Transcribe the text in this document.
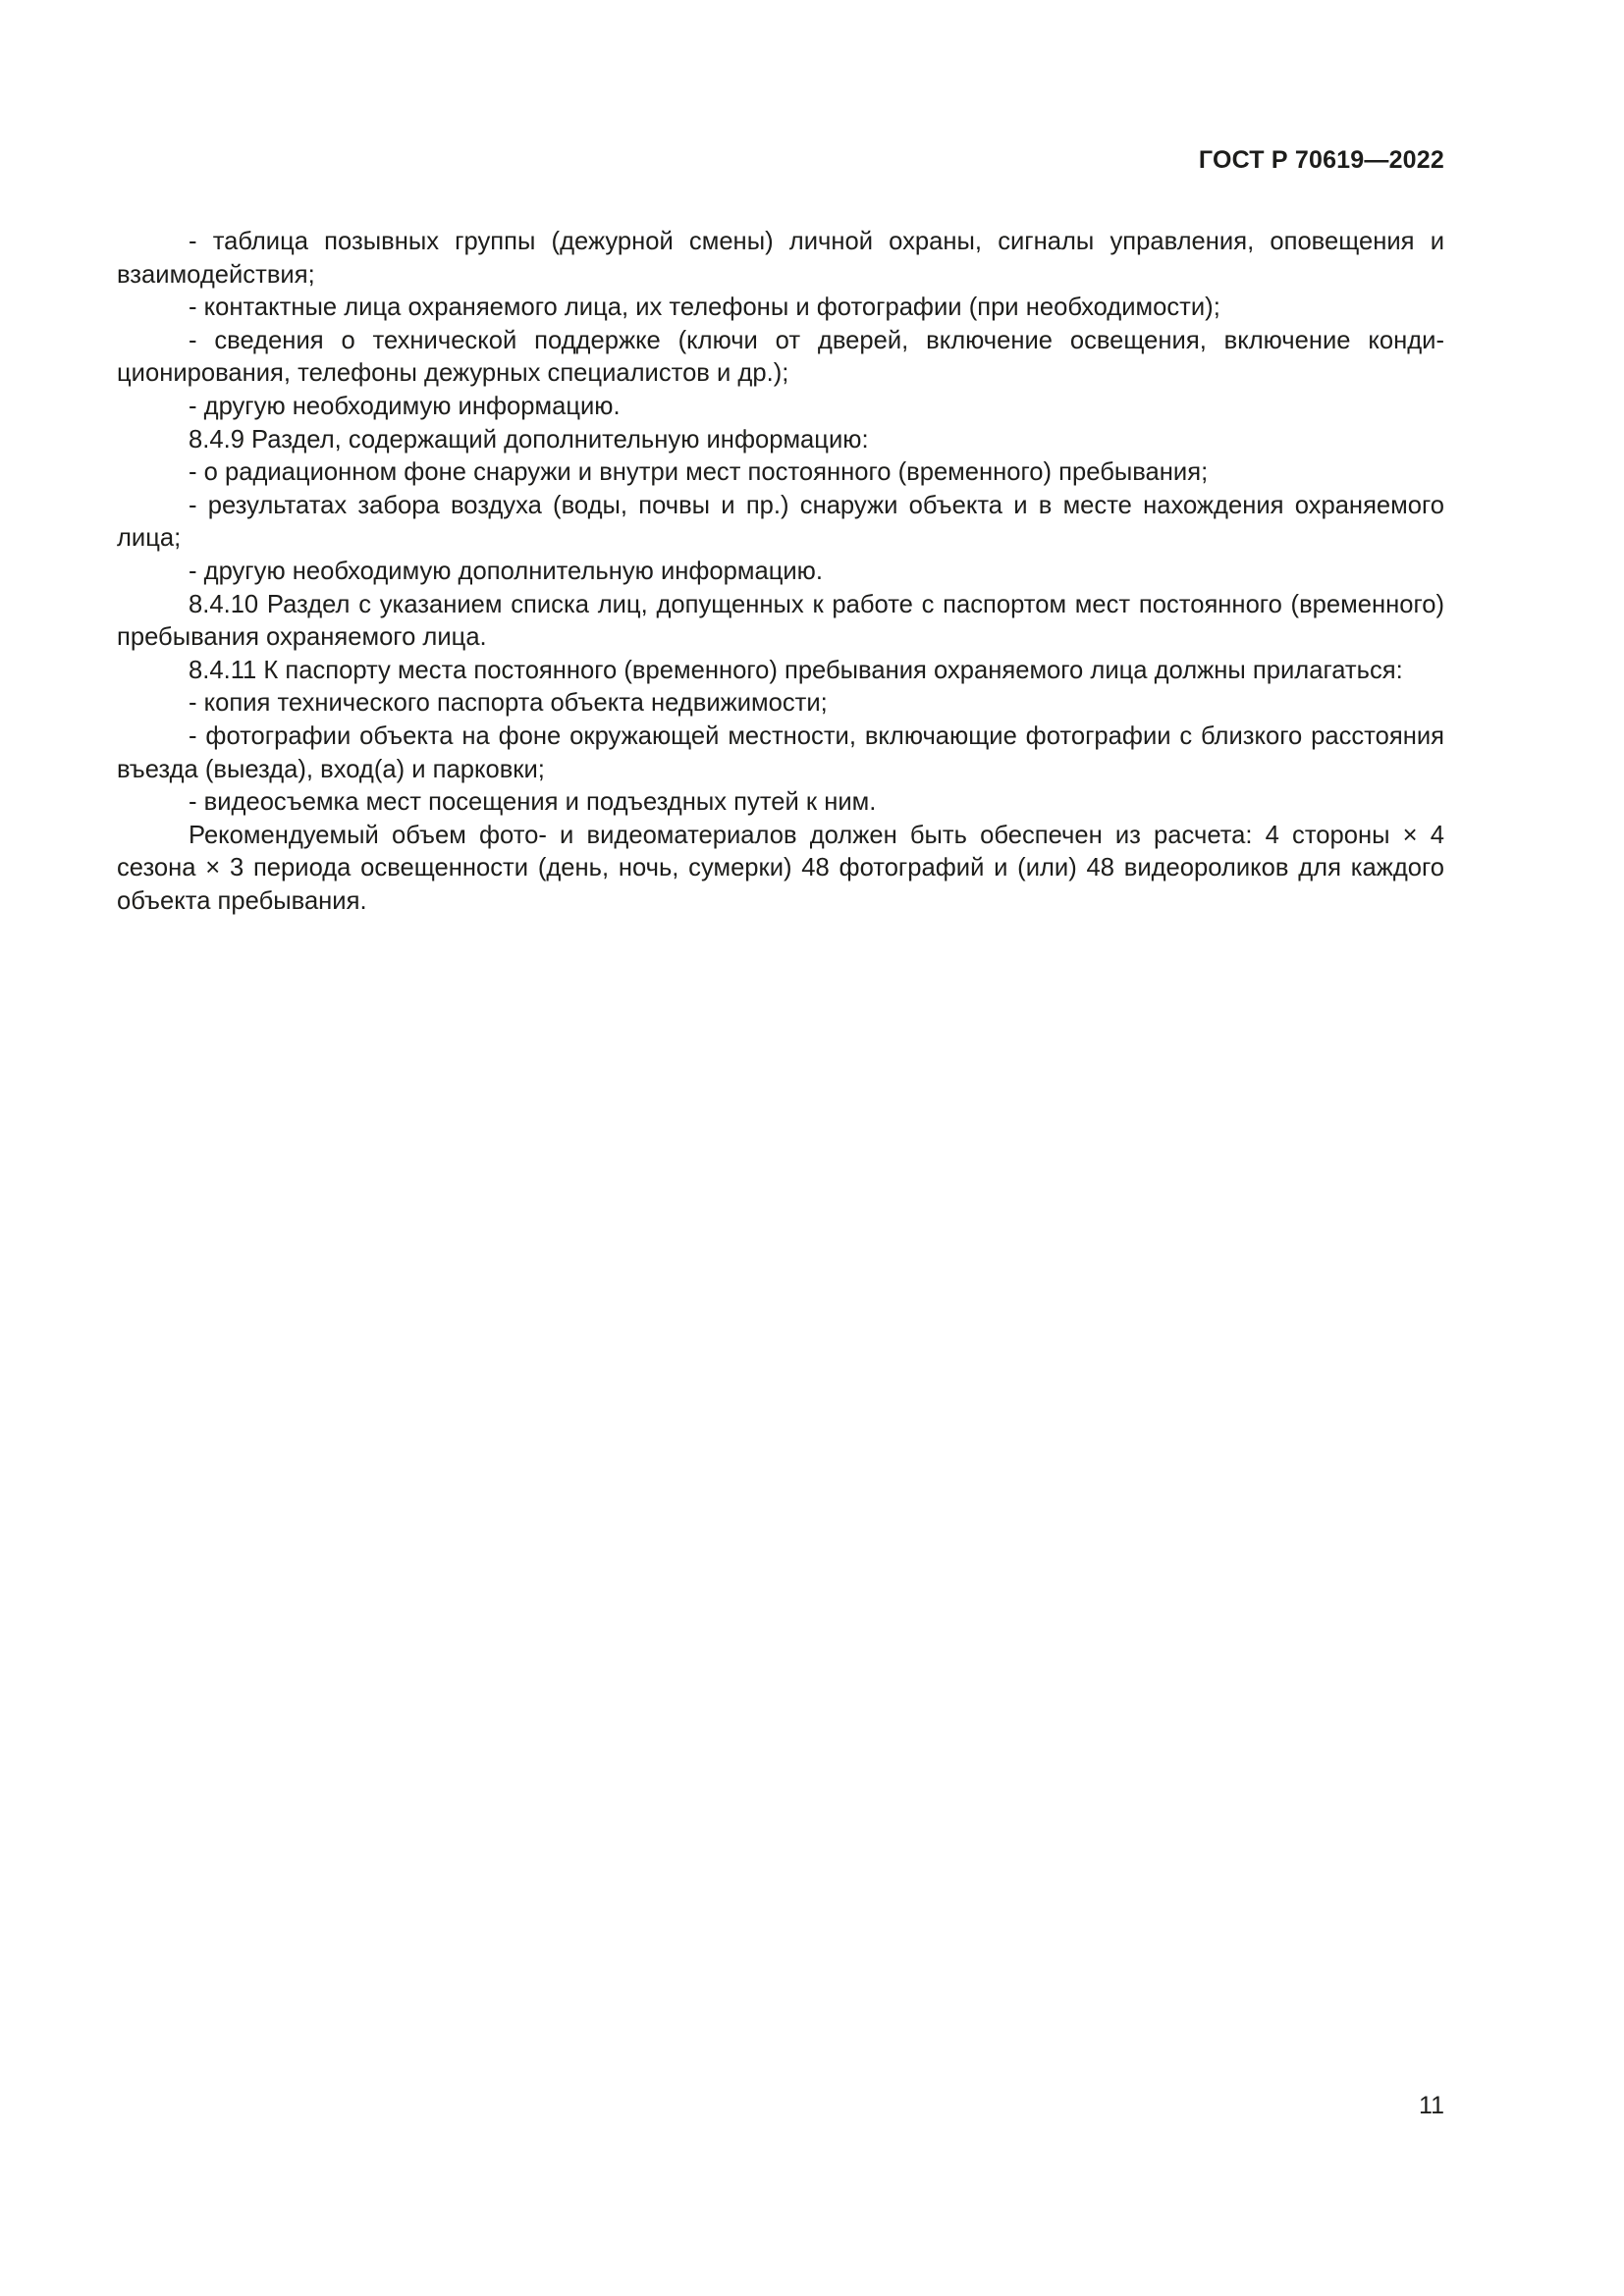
ГОСТ Р 70619—2022

- таблица позывных группы (дежурной смены) личной охраны, сигналы управления, оповещения и взаимодействия;

- контактные лица охраняемого лица, их телефоны и фотографии (при необходимости);

- сведения о технической поддержке (ключи от дверей, включение освещения, включение кондиционирования, телефоны дежурных специалистов и др.);

- другую необходимую информацию.

8.4.9 Раздел, содержащий дополнительную информацию:

- о радиационном фоне снаружи и внутри мест постоянного (временного) пребывания;

- результатах забора воздуха (воды, почвы и пр.) снаружи объекта и в месте нахождения охраняемого лица;

- другую необходимую дополнительную информацию.

8.4.10 Раздел с указанием списка лиц, допущенных к работе с паспортом мест постоянного (временного) пребывания охраняемого лица.

8.4.11 К паспорту места постоянного (временного) пребывания охраняемого лица должны прилагаться:

- копия технического паспорта объекта недвижимости;

- фотографии объекта на фоне окружающей местности, включающие фотографии с близкого расстояния въезда (выезда), вход(а) и парковки;

- видеосъемка мест посещения и подъездных путей к ним.

Рекомендуемый объем фото- и видеоматериалов должен быть обеспечен из расчета: 4 стороны × 4 сезона × 3 периода освещенности (день, ночь, сумерки) 48 фотографий и (или) 48 видеороликов для каждого объекта пребывания.

11
